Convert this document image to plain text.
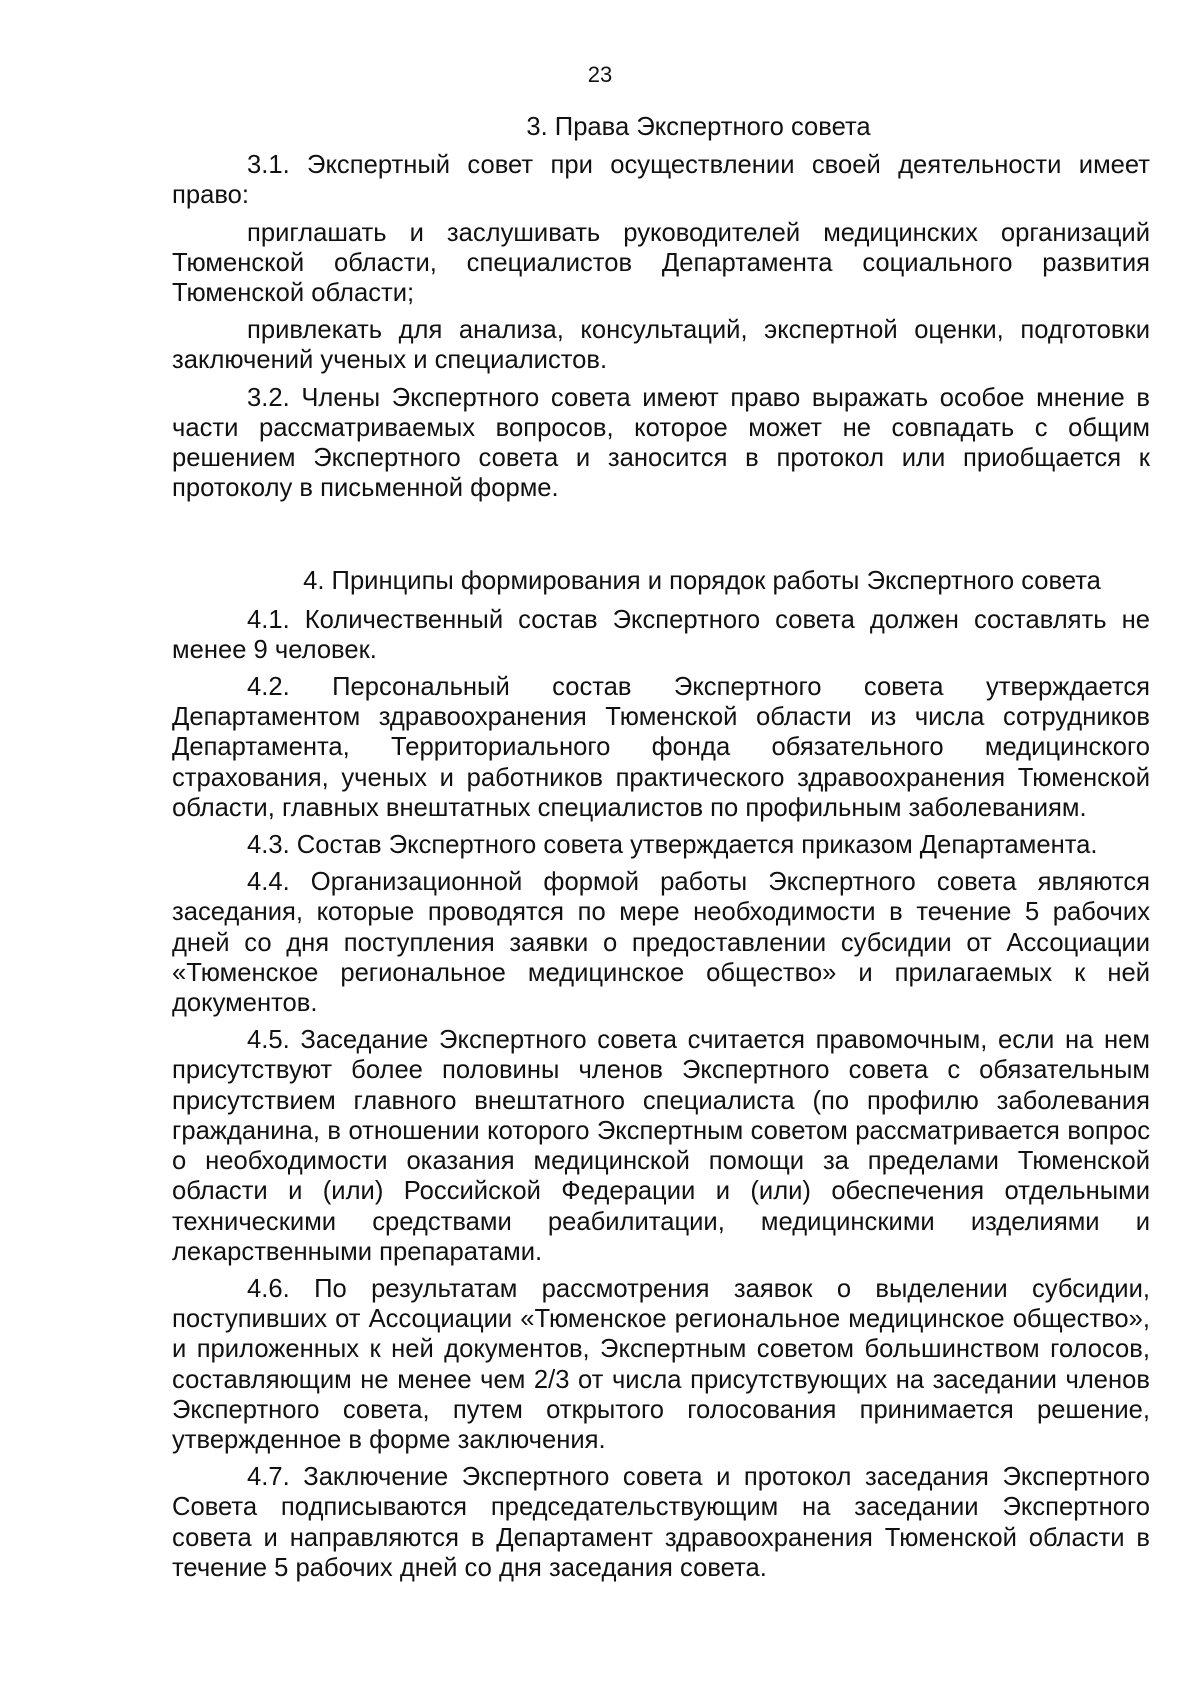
23
3. Права Экспертного совета

3.1. Экспертный совет при осуществлении своей деятельности имеет право:

приглашать и заслушивать руководителей медицинских организаций Тюменской области, специалистов Департамента социального развития Тюменской области;

привлекать для анализа, консультаций, экспертной оценки, подготовки заключений ученых и специалистов.

3.2. Члены Экспертного совета имеют право выражать особое мнение в части рассматриваемых вопросов, которое может не совпадать с общим решением Экспертного совета и заносится в протокол или приобщается к протоколу в письменной форме.

4. Принципы формирования и порядок работы Экспертного совета

4.1. Количественный состав Экспертного совета должен составлять не менее 9 человек.

4.2. Персональный состав Экспертного совета утверждается Департаментом здравоохранения Тюменской области из числа сотрудников Департамента, Территориального фонда обязательного медицинского страхования, ученых и работников практического здравоохранения Тюменской области, главных внештатных специалистов по профильным заболеваниям.

4.3. Состав Экспертного совета утверждается приказом Департамента.

4.4. Организационной формой работы Экспертного совета являются заседания, которые проводятся по мере необходимости в течение 5 рабочих дней со дня поступления заявки о предоставлении субсидии от Ассоциации «Тюменское региональное медицинское общество» и прилагаемых к ней документов.

4.5. Заседание Экспертного совета считается правомочным, если на нем присутствуют более половины членов Экспертного совета с обязательным присутствием главного внештатного специалиста (по профилю заболевания гражданина, в отношении которого Экспертным советом рассматривается вопрос о необходимости оказания медицинской помощи за пределами Тюменской области и (или) Российской Федерации и (или) обеспечения отдельными техническими средствами реабилитации, медицинскими изделиями и лекарственными препаратами.

4.6. По результатам рассмотрения заявок о выделении субсидии, поступивших от Ассоциации «Тюменское региональное медицинское общество», и приложенных к ней документов, Экспертным советом большинством голосов, составляющим не менее чем 2/3 от числа присутствующих на заседании членов Экспертного совета, путем открытого голосования принимается решение, утвержденное в форме заключения.

4.7. Заключение Экспертного совета и протокол заседания Экспертного Совета подписываются председательствующим на заседании Экспертного совета и направляются в Департамент здравоохранения Тюменской области в течение 5 рабочих дней со дня заседания совета.
